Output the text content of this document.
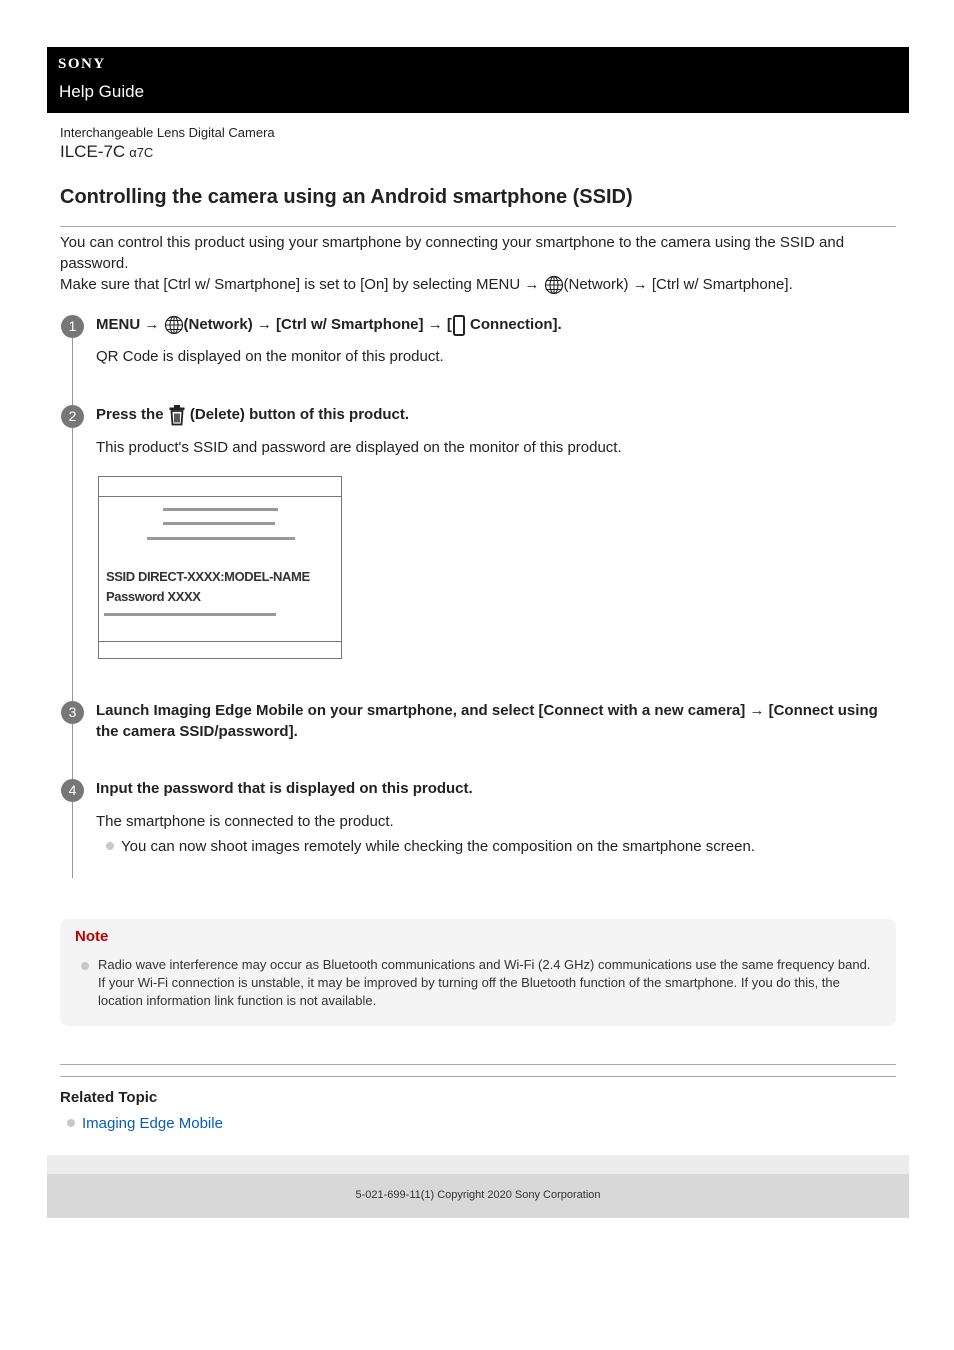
SONY
Help Guide
Interchangeable Lens Digital Camera
ILCE-7C α7C
Controlling the camera using an Android smartphone (SSID)

You can control this product using your smartphone by connecting your smartphone to the camera using the SSID and password.

Make sure that [Ctrl w/ Smartphone] is set to [On] by selecting MENU → (Network) → [Ctrl w/ Smartphone].

1	MENU → (Network) → [Ctrl w/ Smartphone] → [ Connection].

QR Code is displayed on the monitor of this product.

2	Press the (Delete) button of this product.

This product's SSID and password are displayed on the monitor of this product.

SSID DIRECT-XXXX:MODEL-NAME
Password XXXX
3	Launch Imaging Edge Mobile on your smartphone, and select [Connect with a new camera] → [Connect using the camera SSID/password].

4	Input the password that is displayed on this product.

The smartphone is connected to the product.

You can now shoot images remotely while checking the composition on the smartphone screen.

Note
Radio wave interference may occur as Bluetooth communications and Wi-Fi (2.4 GHz) communications use the same frequency band. If your Wi-Fi connection is unstable, it may be improved by turning off the Bluetooth function of the smartphone. If you do this, the location information link function is not available.
Related Topic
Imaging Edge Mobile
5-021-699-11(1) Copyright 2020 Sony Corporation
